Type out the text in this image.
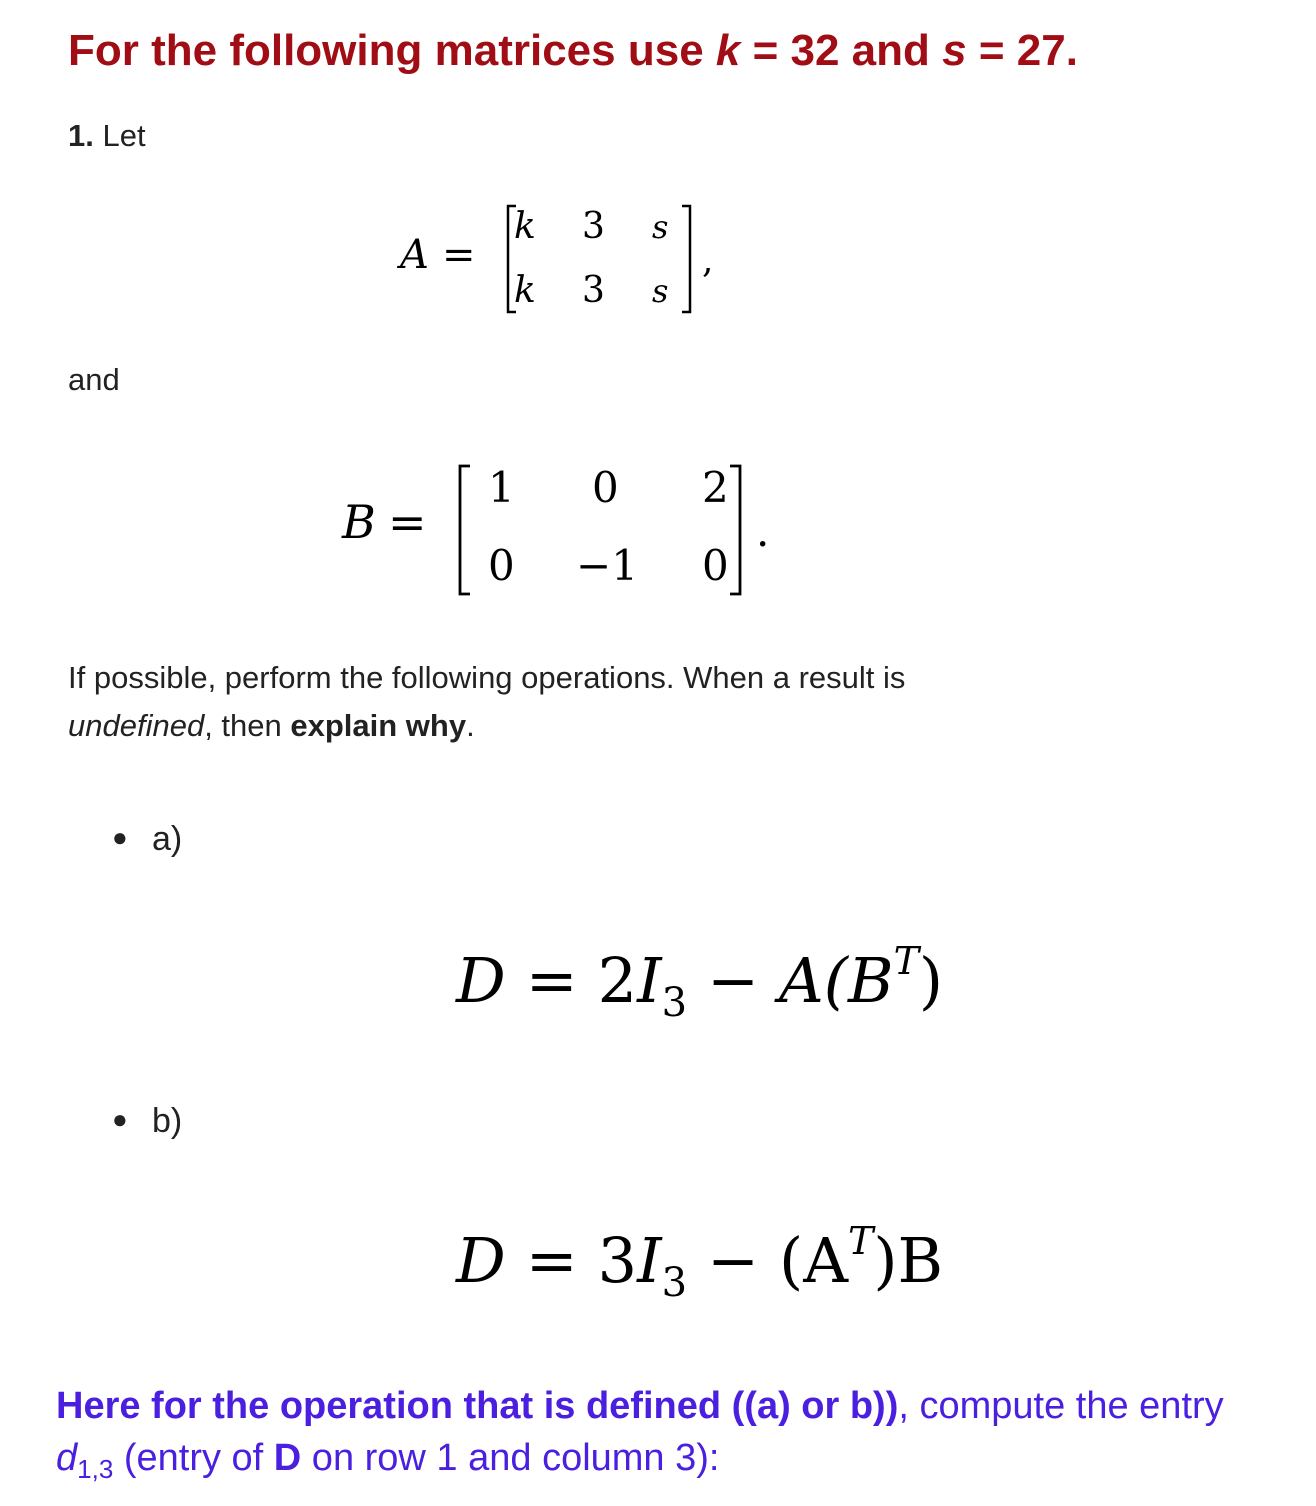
For the following matrices use k = 32 and s = 27.
1. Let
A =
k 3 s
k 3 s
,
B =
1 0 2
0 −1 0
.
$D = 2I_3 - A(B^T)$
$D = 3I_3 - (A^T)B$
and
If possible, perform the following operations. When a result is
undefined, then explain why.
● a)
● b)
Here for the operation that is defined ((a) or b)), compute the entry
$d_{1,3}$ (entry of D on row 1 and column 3):
